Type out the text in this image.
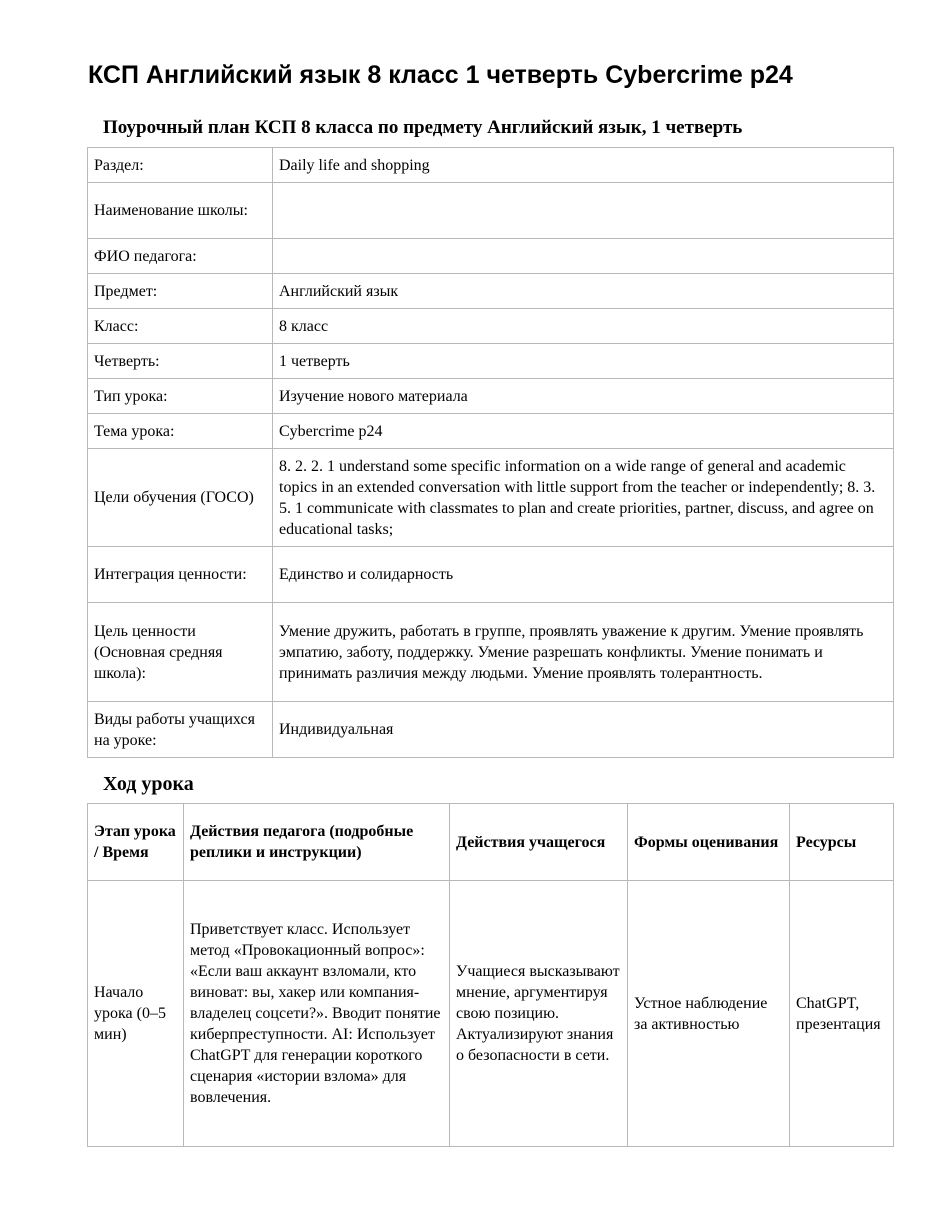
КСП Английский язык 8 класс 1 четверть Cybercrime p24
Поурочный план КСП 8 класса по предмету Английский язык, 1 четверть
Раздел:	Daily life and shopping
Наименование школы:	
ФИО педагога:	
Предмет:	Английский язык
Класс:	8 класс
Четверть:	1 четверть
Тип урока:	Изучение нового материала
Тема урока:	Cybercrime p24
Цели обучения (ГОСО)	8. 2. 2. 1 understand some specific information on a wide range of general and academic topics in an extended conversation with little support from the teacher or independently; 8. 3. 5. 1 communicate with classmates to plan and create priorities, partner, discuss, and agree on educational tasks;
Интеграция ценности:	Единство и солидарность
Цель ценности (Основная средняя школа):	Умение дружить, работать в группе, проявлять уважение к другим. Умение проявлять эмпатию, заботу, поддержку. Умение разрешать конфликты. Умение понимать и принимать различия между людьми. Умение проявлять толерантность.
Виды работы учащихся на уроке:	Индивидуальная
Ход урока
Этап урока / Время	Действия педагога (подробные реплики и инструкции)	Действия учащегося	Формы оценивания	Ресурсы
Начало урока (0–5 мин)	Приветствует класс. Использует метод «Провокационный вопрос»: «Если ваш аккаунт взломали, кто виноват: вы, хакер или компания-владелец соцсети?». Вводит понятие киберпреступности. AI: Использует ChatGPT для генерации короткого сценария «истории взлома» для вовлечения.	Учащиеся высказывают мнение, аргументируя свою позицию. Актуализируют знания о безопасности в сети.	Устное наблюдение за активностью	ChatGPT, презентация
